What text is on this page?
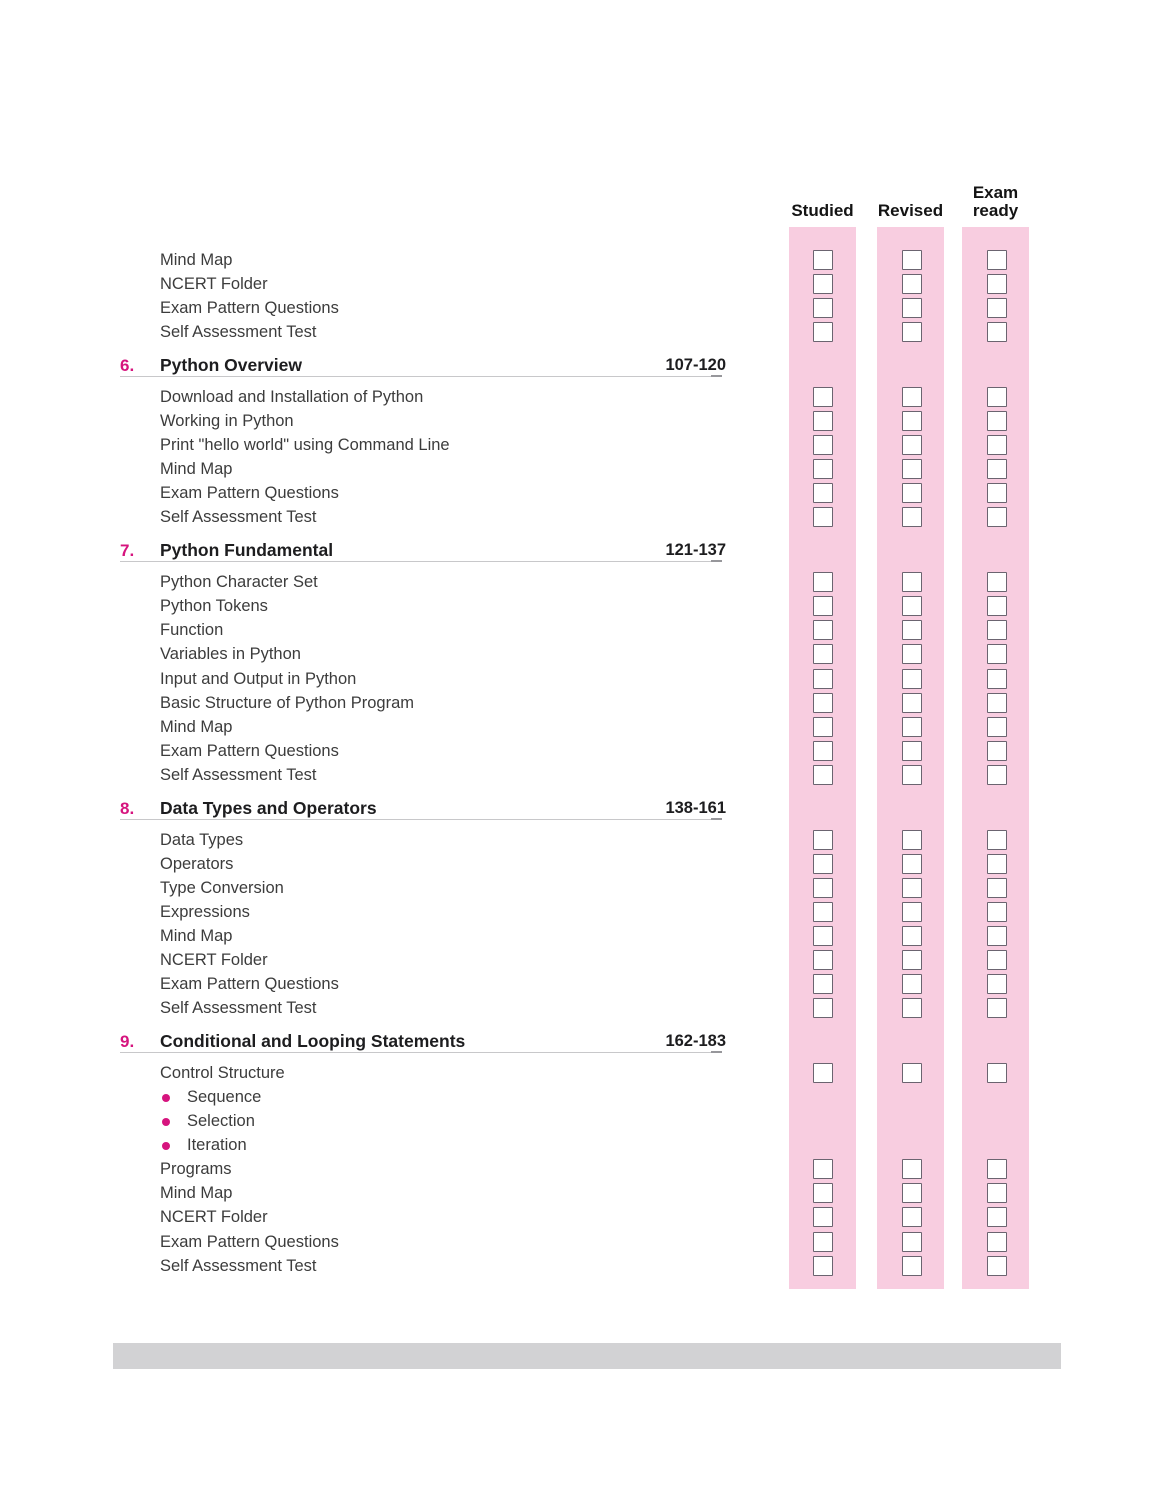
Studied Revised
Exam ready
Mind Map
NCERT Folder
Exam Pattern Questions
Self Assessment Test
6. Python Overview	107-120
Download and Installation of Python
Working in Python
Print "hello world" using Command Line
Mind Map
Exam Pattern Questions
Self Assessment Test
7. Python Fundamental	121-137
Python Character Set
Python Tokens
Function
Variables in Python
Input and Output in Python
Basic Structure of Python Program
Mind Map
Exam Pattern Questions
Self Assessment Test
8. Data Types and Operators	138-161
Data Types
Operators
Type Conversion
Expressions
Mind Map
NCERT Folder
Exam Pattern Questions
Self Assessment Test
9. Conditional and Looping Statements	162-183
Control Structure
Sequence
Selection
Iteration
Programs
Mind Map
NCERT Folder
Exam Pattern Questions
Self Assessment Test
